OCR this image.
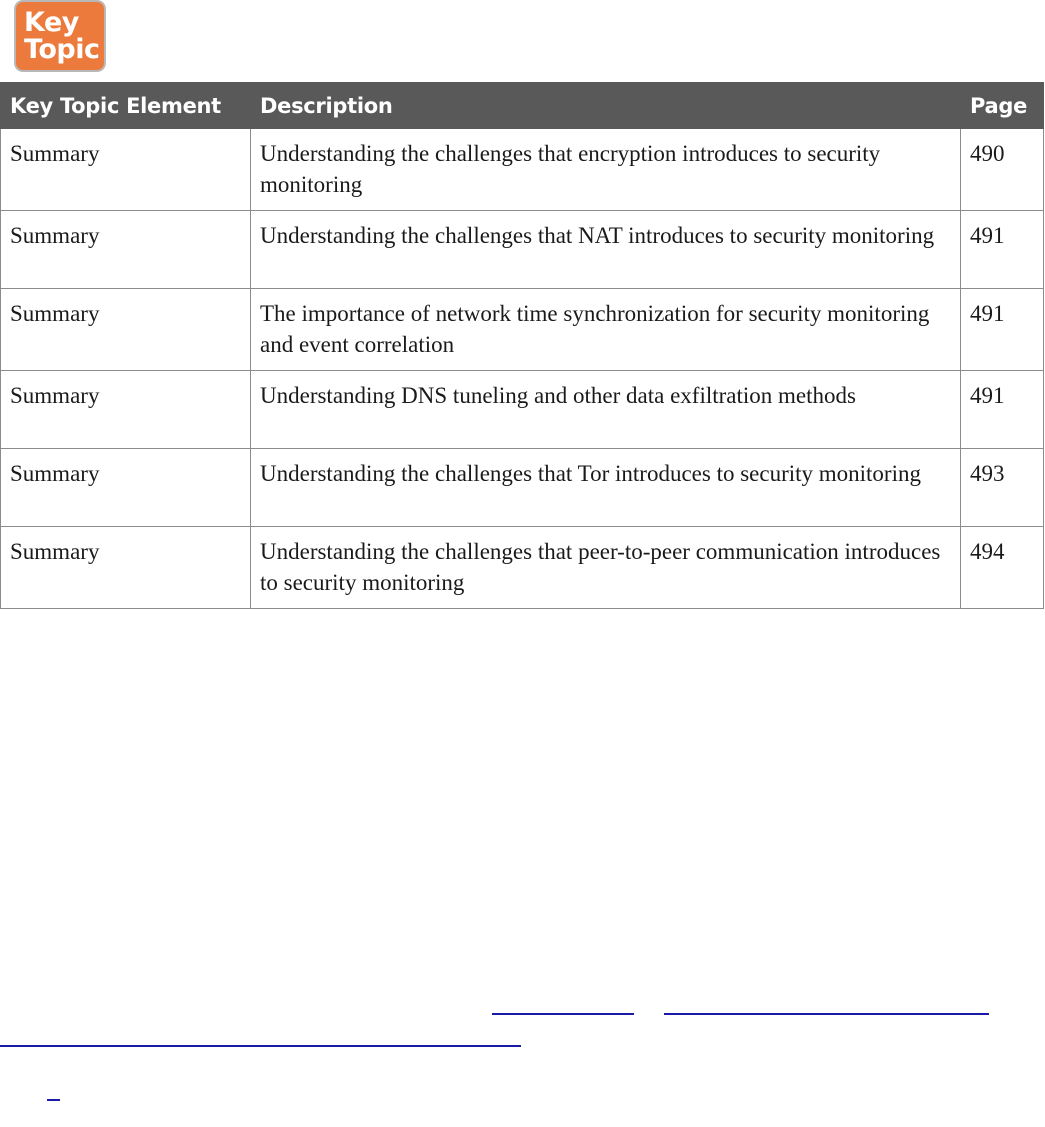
Key
Topic
Key Topic Element	Description	Page
Summary	Understanding the challenges that encryption introduces to security monitoring	490
Summary	Understanding the challenges that NAT introduces to security monitoring	491
Summary	The importance of network time synchronization for security monitoring and event correlation	491
Summary	Understanding DNS tuneling and other data exfiltration methods	491
Summary	Understanding the challenges that Tor introduces to security monitoring	493
Summary	Understanding the challenges that peer-to-peer communication introduces to security monitoring	494
